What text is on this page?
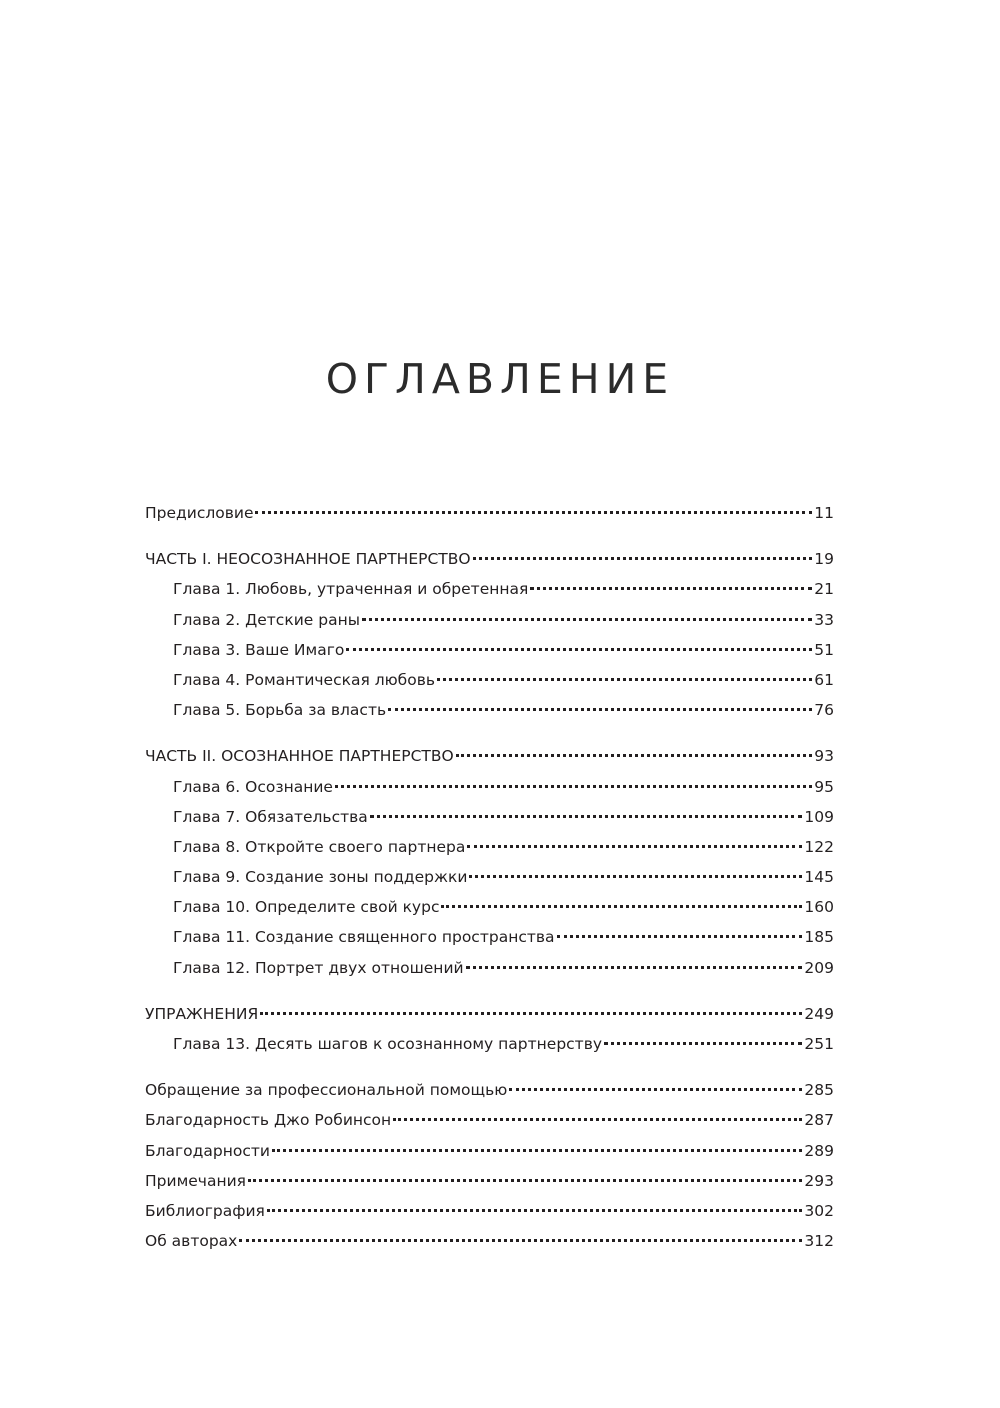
ОГЛАВЛЕНИЕ
Предисловие	11
ЧАСТЬ I. НЕОСОЗНАННОЕ ПАРТНЕРСТВО	19
Глава 1. Любовь, утраченная и обретенная	21
Глава 2. Детские раны	33
Глава 3. Ваше Имаго	51
Глава 4. Романтическая любовь	61
Глава 5. Борьба за власть	76
ЧАСТЬ II. ОСОЗНАННОЕ ПАРТНЕРСТВО	93
Глава 6. Осознание	95
Глава 7. Обязательства	109
Глава 8. Откройте своего партнера	122
Глава 9. Создание зоны поддержки	145
Глава 10. Определите свой курс	160
Глава 11. Создание священного пространства	185
Глава 12. Портрет двух отношений	209
УПРАЖНЕНИЯ	249
Глава 13. Десять шагов к осознанному партнерству	251
Обращение за профессиональной помощью	285
Благодарность Джо Робинсон	287
Благодарности	289
Примечания	293
Библиография	302
Об авторах	312
